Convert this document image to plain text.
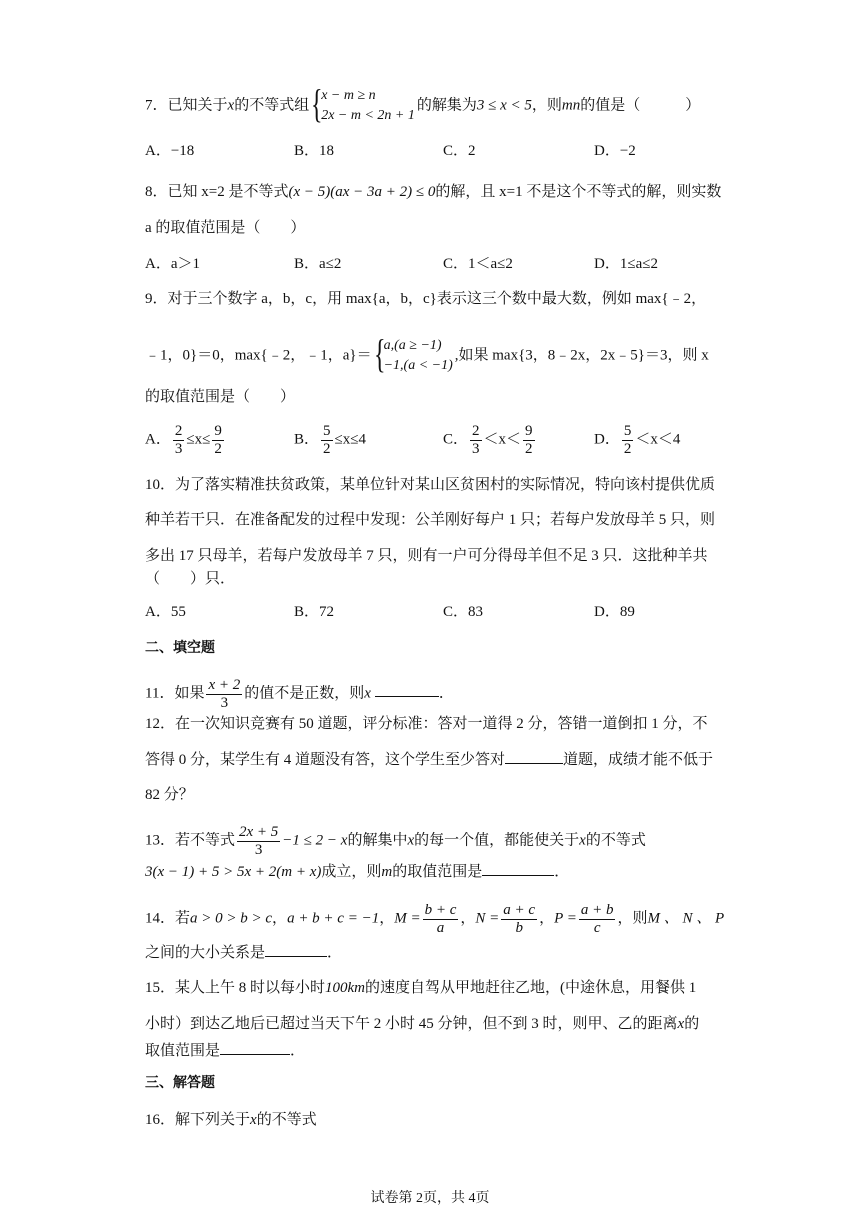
7．已知关于x的不等式组 {
x − m ≥ n
2x − m < 2n + 1
的解集为3 ≤ x < 5，则mn的值是（　　　）
A．−18	B．18	C．2	D．−2
8．已知 x=2 是不等式(x − 5)(ax − 3a + 2) ≤ 0的解，且 x=1 不是这个不等式的解，则实数
a 的取值范围是（　　）
A．a＞1	B．a≤2	C．1＜a≤2	D．1≤a≤2
9．对于三个数字 a，b，c，用 max{a，b，c}表示这三个数中最大数，例如 max{﹣2，
﹣1，0}＝0，max{﹣2，﹣1，a}＝ {
a,(a ≥ −1)
−1,(a < −1)
,如果 max{3，8﹣2x，2x﹣5}＝3，则 x
的取值范围是（　　）
A． $\frac{2}{3} \le x\le \frac{9}{2}$	B． $\frac{5}{2} \le x\le 4$	C． $\frac{2}{3} <x< \frac{9}{2}$	D． $\frac{5}{2} <x<4$
10．为了落实精准扶贫政策，某单位针对某山区贫困村的实际情况，特向该村提供优质
种羊若干只．在准备配发的过程中发现：公羊刚好每户 1 只；若每户发放母羊 5 只，则
多出 17 只母羊，若每户发放母羊 7 只，则有一户可分得母羊但不足 3 只．这批种羊共
（　　）只．
A．55	B．72	C．83	D．89
二、填空题
11．如果 $\frac{x + 2}{3}$ 的值不是正数，则x	．
12．在一次知识竞赛有 50 道题，评分标准：答对一道得 2 分，答错一道倒扣 1 分，不
答得 0 分，某学生有 4 道题没有答，这个学生至少答对	道题，成绩才能不低于
82 分？
13．若不等式 $\frac{2x + 5}{3} -1 \le 2 - x$的解集中x的每一个值，都能使关于x的不等式
3(x − 1) + 5 > 5x + 2(m + x)成立，则m的取值范围是	．
14．若a > 0 > b > c，a + b + c = −1，$M = \frac{b + c}{a}$ ，$N = \frac{a + c}{b}$ ，$P = \frac{a + b}{c}$ ，则M 、 N 、 P
之间的大小关系是	．
15．某人上午 8 时以每小时100km的速度自驾从甲地赶往乙地，(中途休息，用餐供 1
小时）到达乙地后已超过当天下午 2 小时 45 分钟，但不到 3 时，则甲、乙的距离x的
取值范围是	．
三、解答题
16．解下列关于x的不等式
试卷第 2页，共 4页
